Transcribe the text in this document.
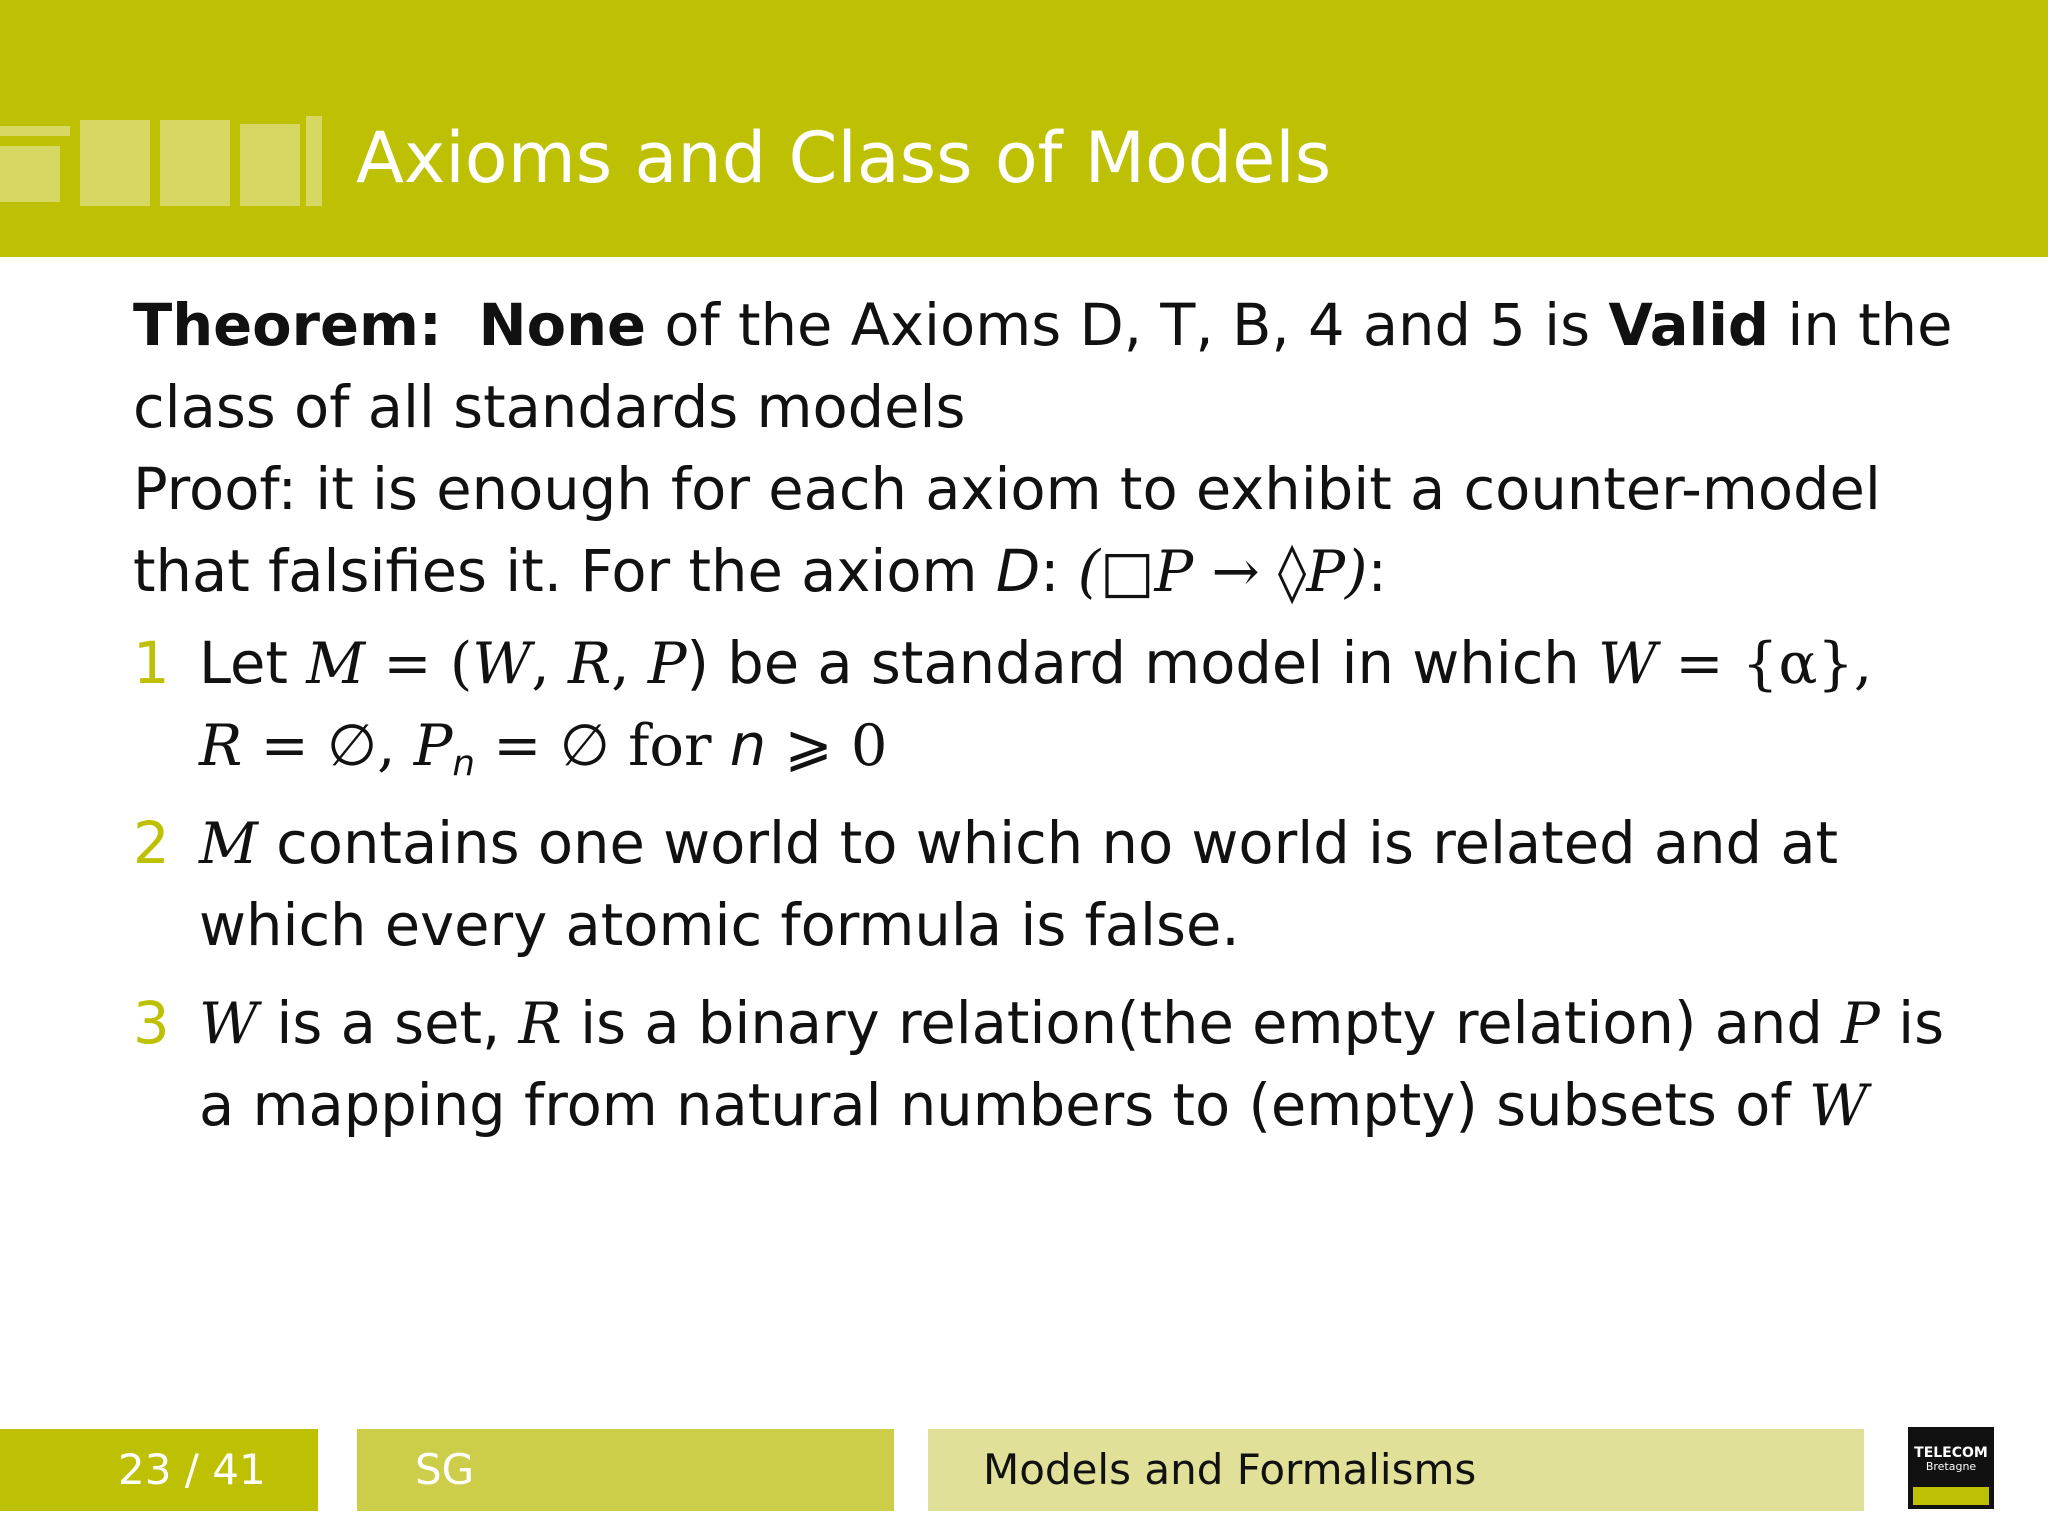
Axioms and Class of Models

Theorem: None of the Axioms D, T, B, 4 and 5 is Valid in the class of all standards models

Proof: it is enough for each axiom to exhibit a counter-model that falsifies it. For the axiom D: (□P → ◊P):

1 Let M = (W, R, P) be a standard model in which W = {α},
R = ∅, $P_n$ = ∅ for n ⩾ 0
2 M contains one world to which no world is related and at which every atomic formula is false.
3 W is a set, R is a binary relation(the empty relation) and P is a mapping from natural numbers to (empty) subsets of W
23 / 41	SG	Models and Formalisms	TELECOM
Bretagne
